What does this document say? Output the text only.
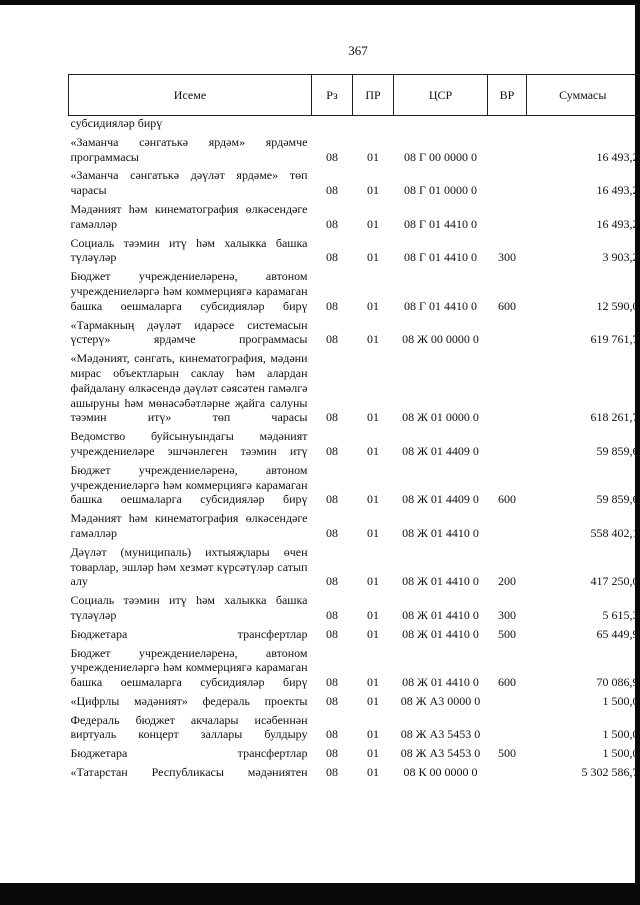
367
Исеме	Рз	ПР	ЦСР	ВР	Суммасы
субсидияләр бирү					
«Заманча сәнгатькә ярдәм» ярдәмче программасы	08	01	08 Г 00 0000 0		16 493,2
«Заманча сәнгатькә дәүләт ярдәме» төп чарасы	08	01	08 Г 01 0000 0		16 493,2
Мәдәният һәм кинематография өлкәсендәге гамәлләр	08	01	08 Г 01 4410 0		16 493,2
Социаль тәэмин итү һәм халыкка башка түләүләр	08	01	08 Г 01 4410 0	300	3 903,2
Бюджет учреждениеләренә, автоном учреждениеләргә һәм коммерциягә карамаган башка оешмаларга субсидияләр бирү	08	01	08 Г 01 4410 0	600	12 590,0
«Тармакның дәүләт идарәсе системасын үстерү» ярдәмче программасы	08	01	08 Ж 00 0000 0		619 761,7
«Мәдәният, сәнгать, кинематография, мәдәни мирас объектларын саклау һәм алардан файдалану өлкәсендә дәүләт сәясәтен гамәлгә ашыруны һәм мөнәсәбәтләрне җайга салуны тәэмин итү» төп чарасы	08	01	08 Ж 01 0000 0		618 261,7
Ведомство буйсынуындагы мәдәният учреждениеләре эшчәнлеген тәэмин итү	08	01	08 Ж 01 4409 0		59 859,6
Бюджет учреждениеләренә, автоном учреждениеләргә һәм коммерциягә карамаган башка оешмаларга субсидияләр бирү	08	01	08 Ж 01 4409 0	600	59 859,6
Мәдәният һәм кинематография өлкәсендәге гамәлләр	08	01	08 Ж 01 4410 0		558 402,1
Дәүләт (муниципаль) ихтыяҗлары өчен товарлар, эшләр һәм хезмәт күрсәтүләр сатып алу	08	01	08 Ж 01 4410 0	200	417 250,0
Социаль тәэмин итү һәм халыкка башка түләүләр	08	01	08 Ж 01 4410 0	300	5 615,3
Бюджетара трансфертлар	08	01	08 Ж 01 4410 0	500	65 449,9
Бюджет учреждениеләренә, автоном учреждениеләргә һәм коммерциягә карамаган башка оешмаларга субсидияләр бирү	08	01	08 Ж 01 4410 0	600	70 086,9
«Цифрлы мәдәният» федераль проекты	08	01	08 Ж А3 0000 0		1 500,0
Федераль бюджет акчалары исәбеннән виртуаль концерт заллары булдыру	08	01	08 Ж А3 5453 0		1 500,0
Бюджетара трансфертлар	08	01	08 Ж А3 5453 0	500	1 500,0
«Татарстан Республикасы мәдәниятен	08	01	08 К 00 0000 0		5 302 586,7
